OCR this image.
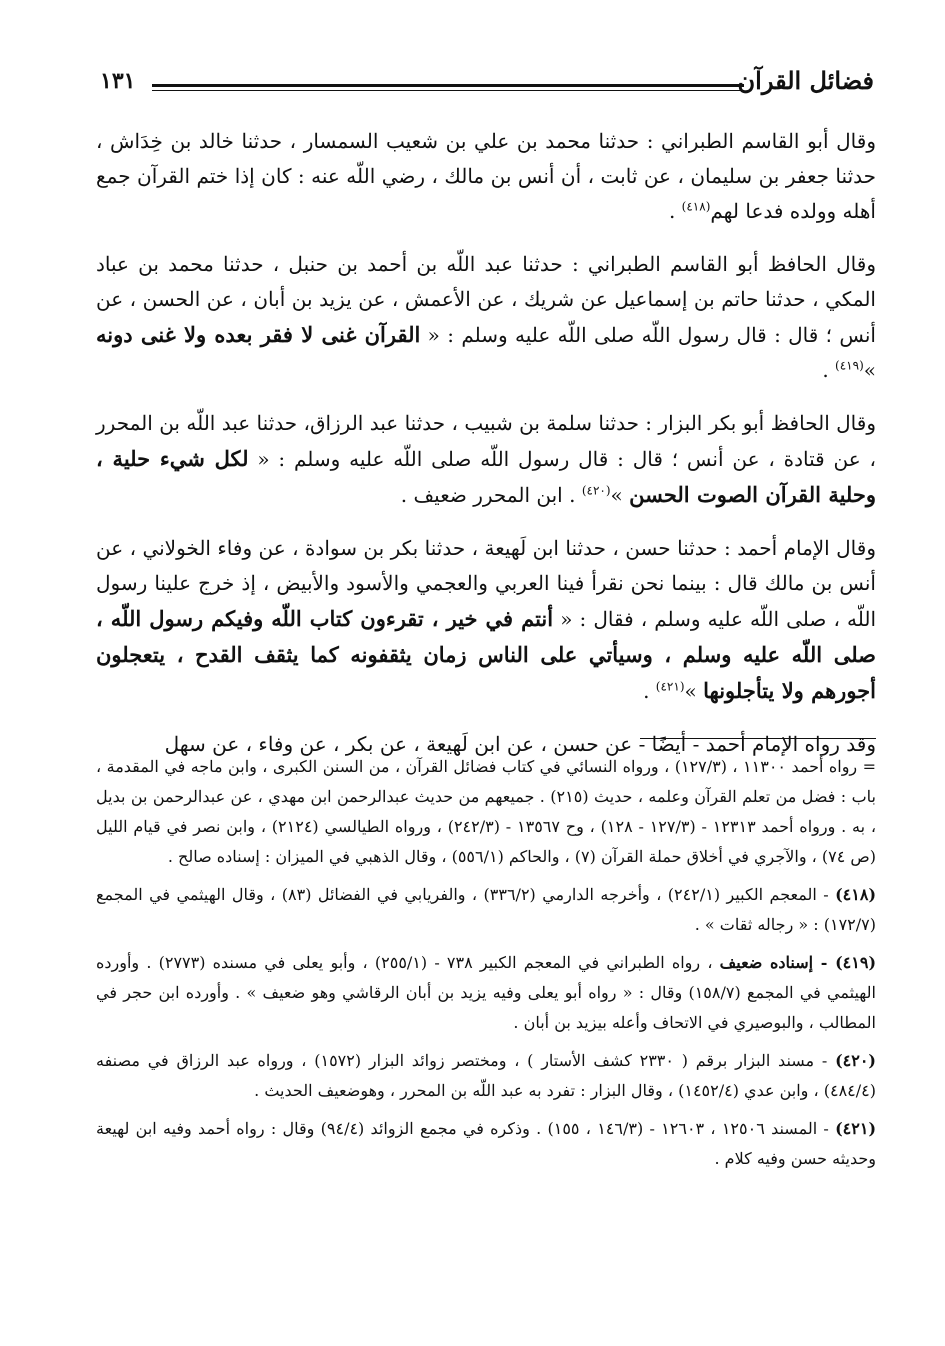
فضائل القرآن
١٣١

وقال أبو القاسم الطبراني : حدثنا محمد بن علي بن شعيب السمسار ، حدثنا خالد بن خِدَاش ، حدثنا جعفر بن سليمان ، عن ثابت ، أن أنس بن مالك ، رضي اللّه عنه : كان إذا ختم القرآن جمع أهله وولده فدعا لهم$^{(٤١٨)}$ .

وقال الحافظ أبو القاسم الطبراني : حدثنا عبد اللّه بن أحمد بن حنبل ، حدثنا محمد بن عباد المكي ، حدثنا حاتم بن إسماعيل عن شريك ، عن الأعمش ، عن يزيد بن أبان ، عن الحسن ، عن أنس ؛ قال : قال رسول اللّه صلى اللّه عليه وسلم : « القرآن غنى لا فقر بعده ولا غنى دونه »$^{(٤١٩)}$ .

وقال الحافظ أبو بكر البزار : حدثنا سلمة بن شبيب ، حدثنا عبد الرزاق، حدثنا عبد اللّه بن المحرر ، عن قتادة ، عن أنس ؛ قال : قال رسول اللّه صلى اللّه عليه وسلم : « لكل شيء حلية ، وحلية القرآن الصوت الحسن »$^{(٤٢٠)}$ . ابن المحرر ضعيف .

وقال الإمام أحمد : حدثنا حسن ، حدثنا ابن لَهيعة ، حدثنا بكر بن سوادة ، عن وفاء الخولاني ، عن أنس بن مالك قال : بينما نحن نقرأ فينا العربي والعجمي والأسود والأبيض ، إذ خرج علينا رسول اللّه ، صلى اللّه عليه وسلم ، فقال : « أنتم في خير ، تقرءون كتاب اللّه وفيكم رسول اللّه ، صلى اللّه عليه وسلم ، وسيأتي على الناس زمان يثقفونه كما يثقف القدح ، يتعجلون أجورهم ولا يتأجلونها »$^{(٤٢١)}$ .

وقد رواه الإمام أحمد - أيضًا - عن حسن ، عن ابن لَهيعة ، عن بكر ، عن وفاء ، عن سهل

= رواه أحمد ١١٣٠٠ ، (١٢٧/٣) ، ورواه النسائي في كتاب فضائل القرآن ، من السنن الكبرى ، وابن ماجه في المقدمة ، باب : فضل من تعلم القرآن وعلمه ، حديث (٢١٥) . جميعهم من حديث عبدالرحمن ابن مهدي ، عن عبدالرحمن بن بديل ، به . ورواه أحمد ١٢٣١٣ - (١٢٧/٣ - ١٢٨) ، وح ١٣٥٦٧ - (٢٤٢/٣) ، ورواه الطيالسي (٢١٢٤) ، وابن نصر في قيام الليل (ص ٧٤) ، والآجري في أخلاق حملة القرآن (٧) ، والحاكم (٥٥٦/١) ، وقال الذهبي في الميزان : إسناده صالح .

(٤١٨) - المعجم الكبير (٢٤٢/١) ، وأخرجه الدارمي (٣٣٦/٢) ، والفريابي في الفضائل (٨٣) ، وقال الهيثمي في المجمع (١٧٢/٧) : « رجاله ثقات » .

(٤١٩) - إسناده ضعيف ، رواه الطبراني في المعجم الكبير ٧٣٨ - (٢٥٥/١) ، وأبو يعلى في مسنده (٢٧٧٣) . وأورده الهيثمي في المجمع (١٥٨/٧) وقال : « رواه أبو يعلى وفيه يزيد بن أبان الرقاشي وهو ضعيف » . وأورده ابن حجر في المطالب ، والبوصيري في الاتحاف وأعله بيزيد بن أبان .

(٤٢٠) - مسند البزار برقم ( ٢٣٣٠ كشف الأستار ) ، ومختصر زوائد البزار (١٥٧٢) ، ورواه عبد الرزاق في مصنفه (٤٨٤/٤) ، وابن عدي (١٤٥٢/٤) ، وقال البزار : تفرد به عبد اللّه بن المحرر ، وهوضعيف الحديث .

(٤٢١) - المسند ١٢٥٠٦ ، ١٢٦٠٣ - (١٤٦/٣ ، ١٥٥) . وذكره في مجمع الزوائد (٩٤/٤) وقال : رواه أحمد وفيه ابن لهيعة وحديثه حسن وفيه كلام .
